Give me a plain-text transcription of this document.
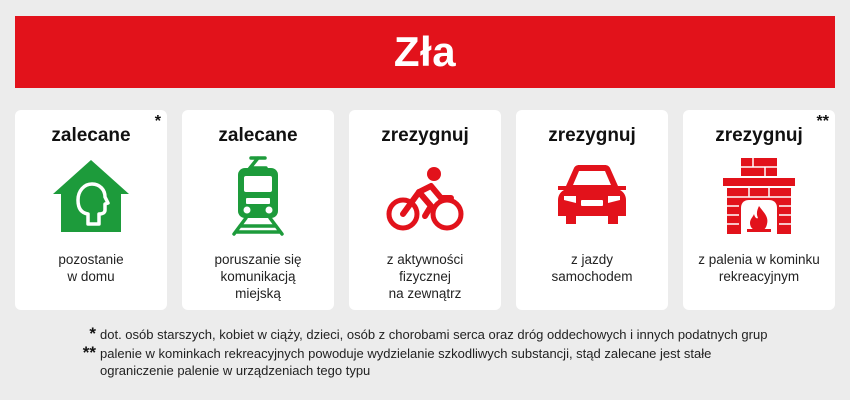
Zła
zalecane
*
pozostanie
w domu
zalecane
poruszanie się
komunikacją
miejską
zrezygnuj
z aktywności
fizycznej
na zewnątrz
zrezygnuj
z jazdy
samochodem
zrezygnuj
**
z palenia w kominku
rekreacyjnym
* dot. osób starszych, kobiet w ciąży, dzieci, osób z chorobami serca oraz dróg oddechowych i innych podatnych grup
** palenie w kominkach rekreacyjnych powoduje wydzielanie szkodliwych substancji, stąd zalecane jest stałe
ograniczenie palenie w urządzeniach tego typu
